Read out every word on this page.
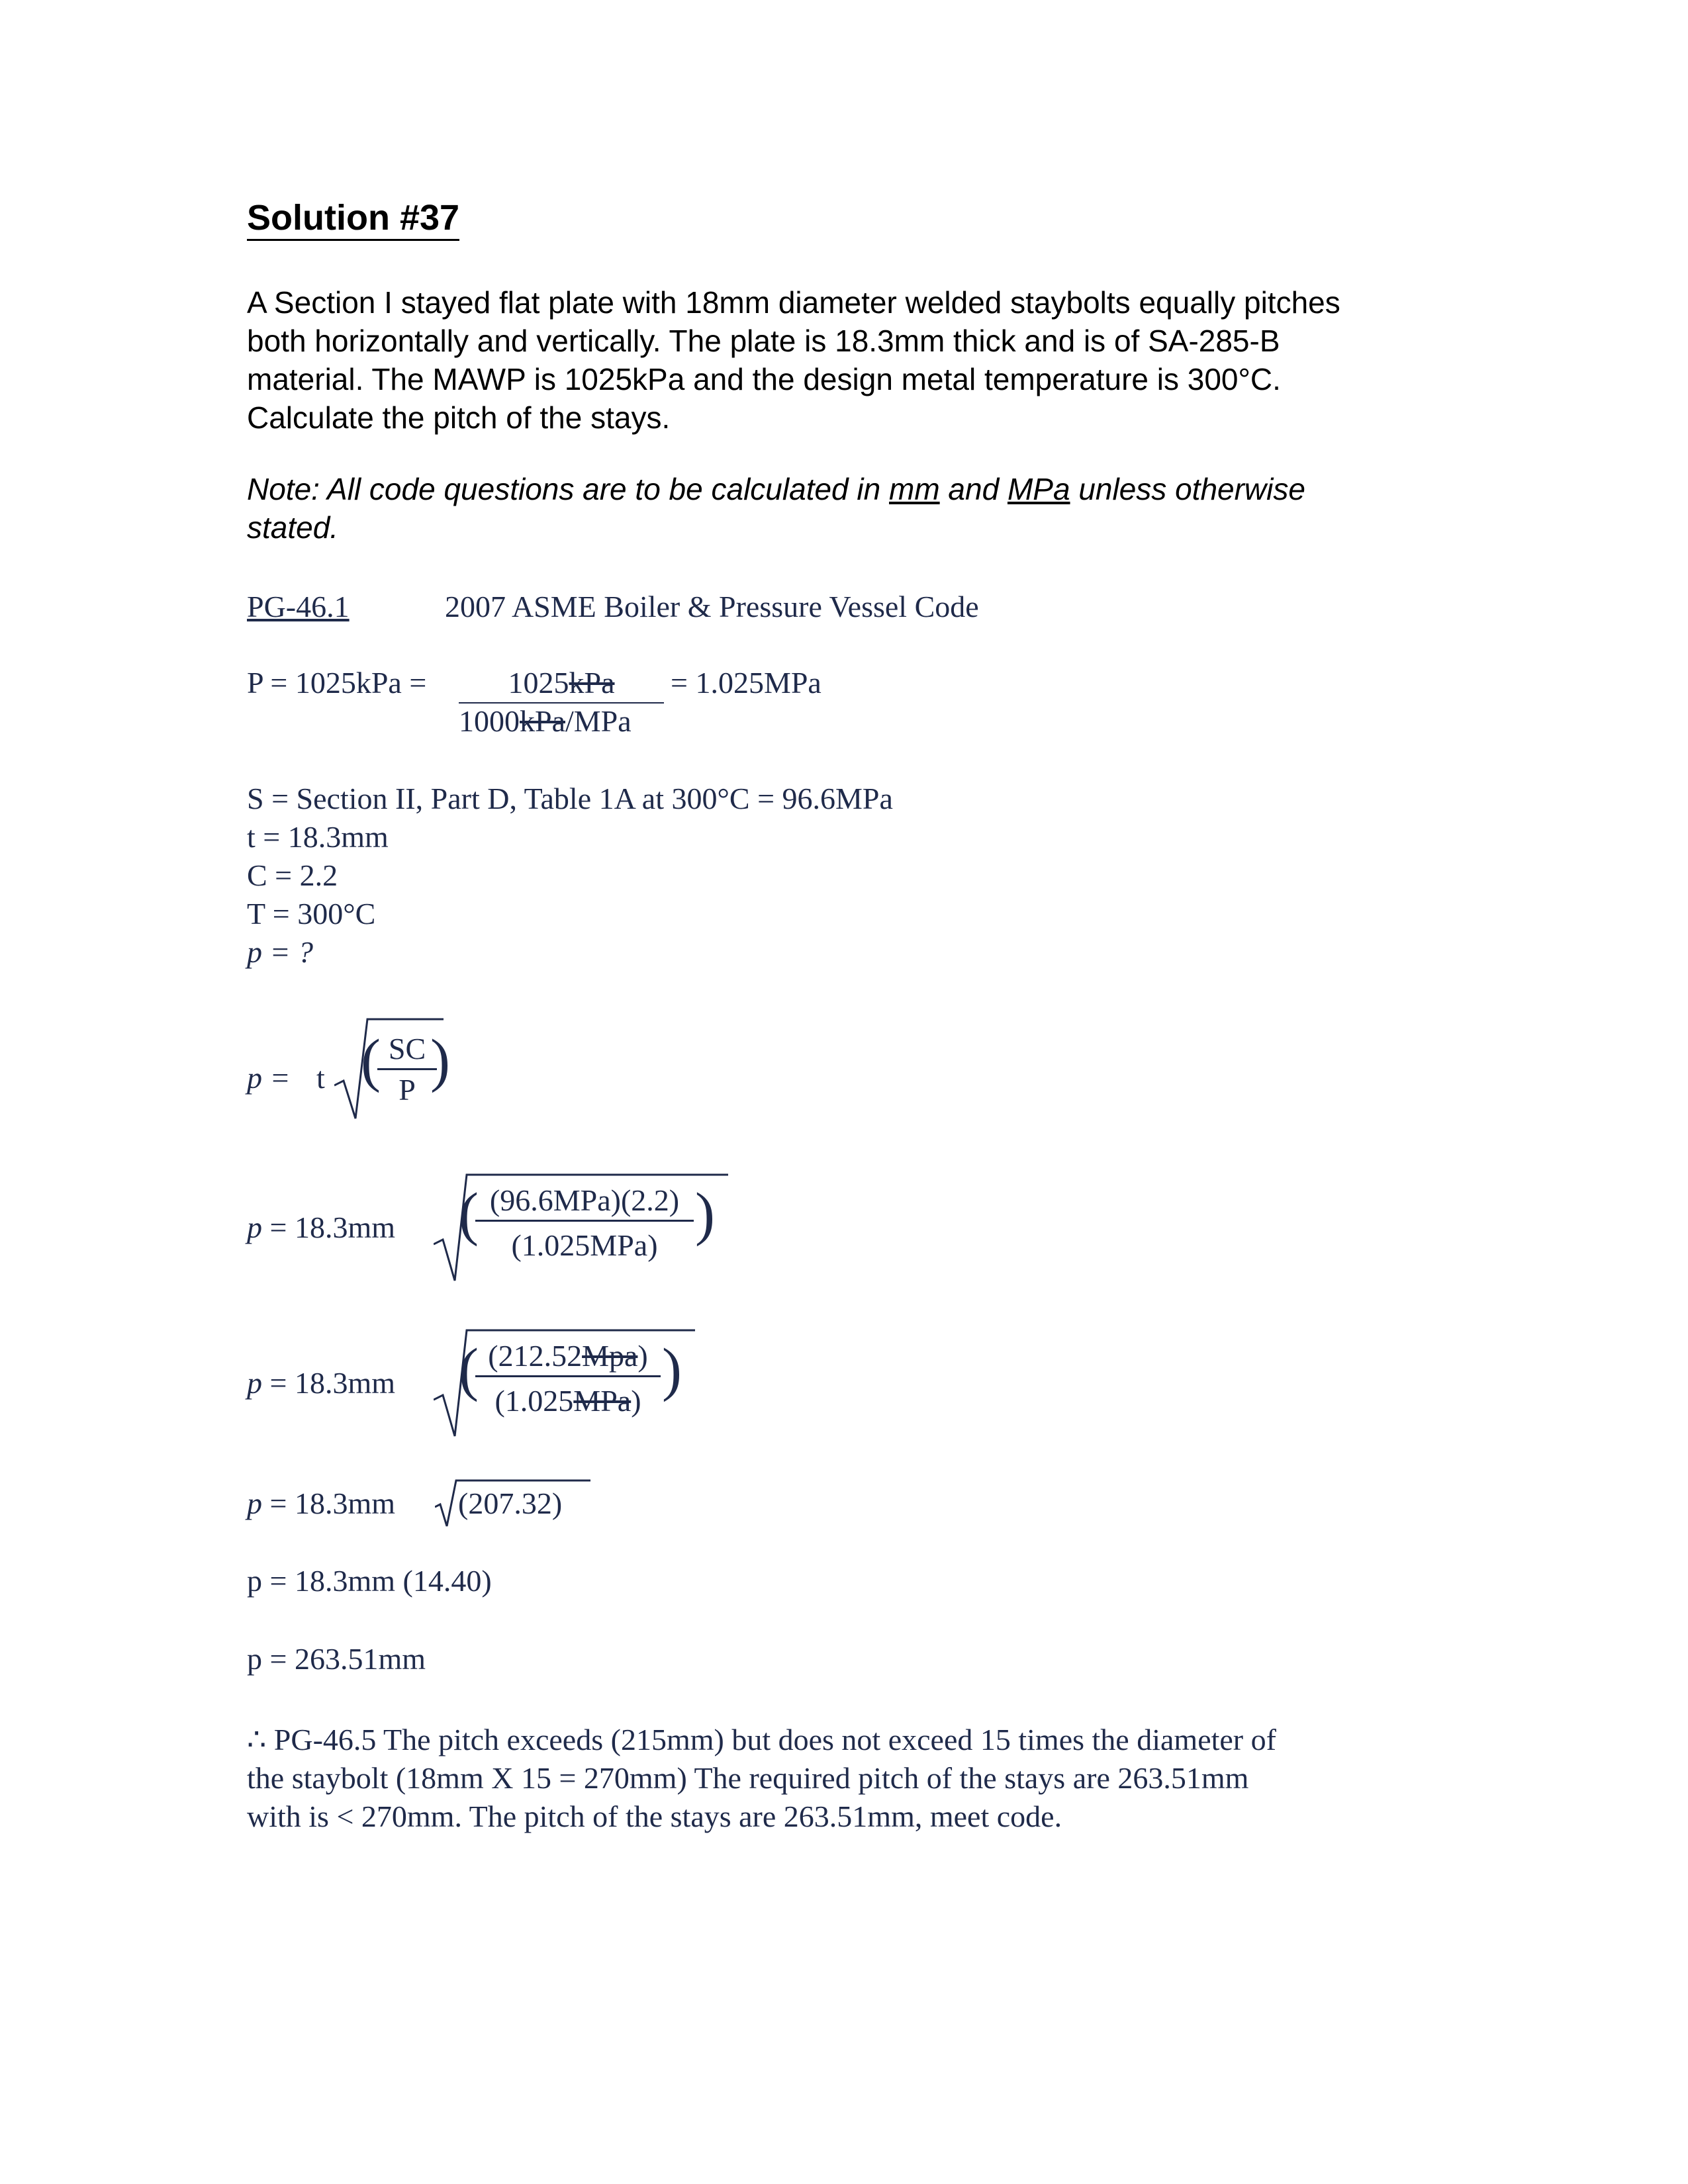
Solution #37
A Section I stayed flat plate with 18mm diameter welded staybolts equally pitches
both horizontally and vertically. The plate is 18.3mm thick and is of SA-285-B
material. The MAWP is 1025kPa and the design metal temperature is 300°C.
Calculate the pitch of the stays.
Note: All code questions are to be calculated in mm and MPa unless otherwise
stated.
PG-46.1	2007 ASME Boiler & Pressure Vessel Code
P = 1025kPa =	1025kPa
1000kPa/MPa
= 1.025MPa
S = Section II, Part D, Table 1A at 300°C = 96.6MPa
t = 18.3mm
C = 2.2
T = 300°C
p = ?
p = t ( SC
P )
p = 18.3mm ( (96.6MPa)(2.2)
(1.025MPa) )
p = 18.3mm ( (212.52Mpa)
(1.025MPa) )
p = 18.3mm (207.32)
p = 18.3mm (14.40)
p = 263.51mm
∴ PG-46.5 The pitch exceeds (215mm) but does not exceed 15 times the diameter of
the staybolt (18mm X 15 = 270mm) The required pitch of the stays are 263.51mm
with is < 270mm. The pitch of the stays are 263.51mm, meet code.
